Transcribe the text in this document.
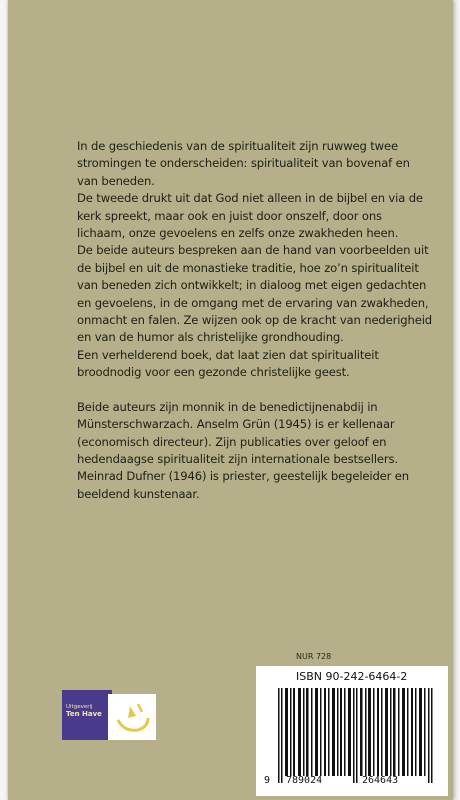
In de geschiedenis van de spiritualiteit zijn ruwweg twee stromingen te onderscheiden: spiritualiteit van bovenaf en van beneden.

De tweede drukt uit dat God niet alleen in de bijbel en via de kerk spreekt, maar ook en juist door onszelf, door ons lichaam, onze gevoelens en zelfs onze zwakheden heen.

De beide auteurs bespreken aan de hand van voorbeelden uit de bijbel en uit de monastieke traditie, hoe zo’n spiritualiteit van beneden zich ontwikkelt; in dialoog met eigen gedachten en gevoelens, in de omgang met de ervaring van zwakheden, onmacht en falen. Ze wijzen ook op de kracht van nederigheid en van de humor als christelijke grondhouding.

Een verhelderend boek, dat laat zien dat spiritualiteit broodnodig voor een gezonde christelijke geest.

Beide auteurs zijn monnik in de benedictijnenabdij in Münsterschwarzach. Anselm Grün (1945) is er kellenaar (economisch directeur). Zijn publicaties over geloof en hedendaagse spiritualiteit zijn internationale bestsellers. Meinrad Dufner (1946) is priester, geestelijk begeleider en beeldend kunstenaar.

NUR 728
Uitgeverij
Ten Have
ISBN 90-242-6464-2
9	789024	264643
